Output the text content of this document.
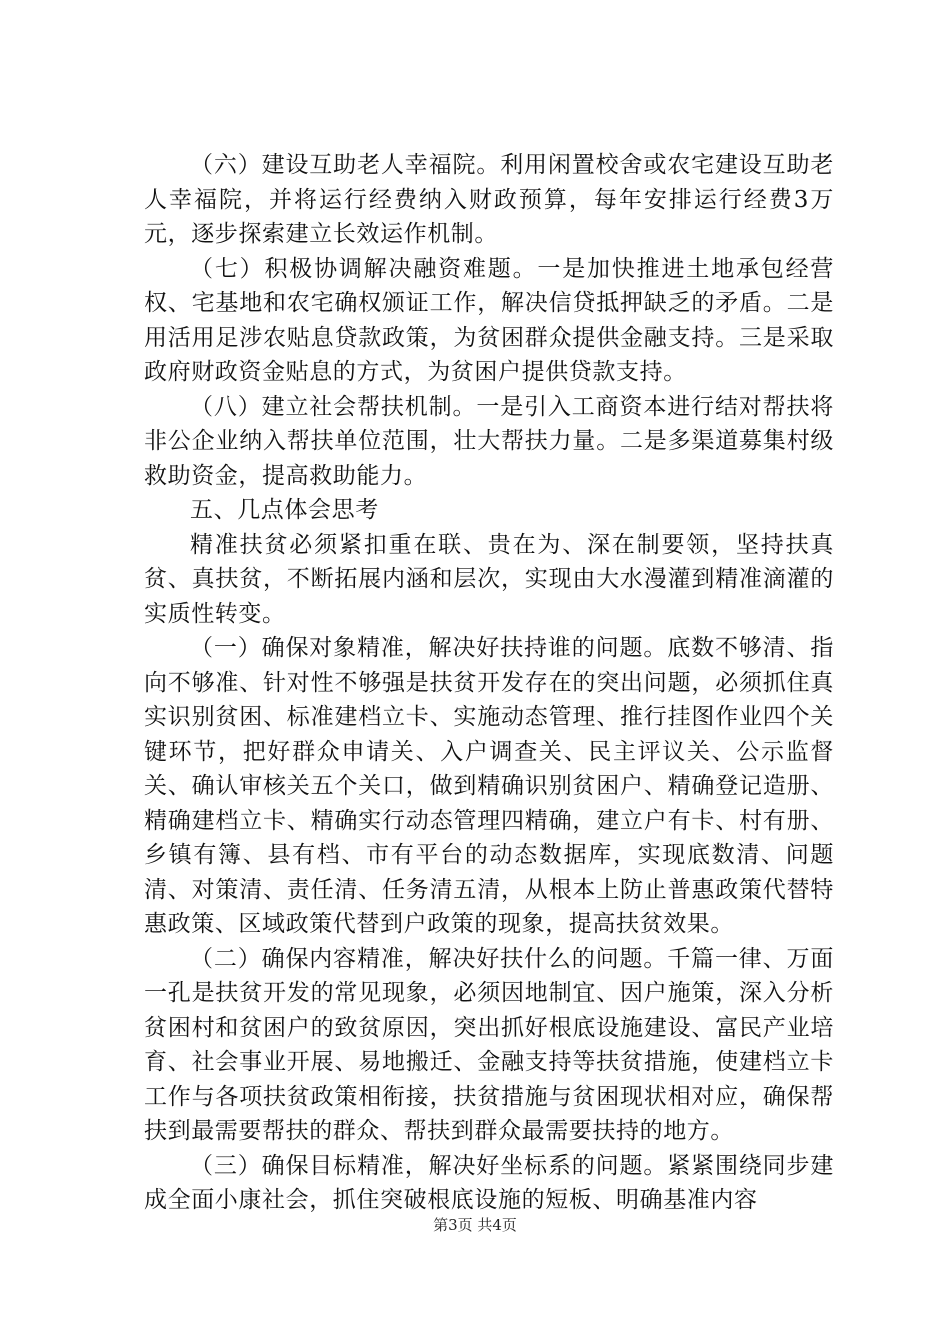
（六）建设互助老人幸福院。利用闲置校舍或农宅建设互助老人幸福院，并将运行经费纳入财政预算，每年安排运行经费3万元，逐步探索建立长效运作机制。

（七）积极协调解决融资难题。一是加快推进土地承包经营权、宅基地和农宅确权颁证工作，解决信贷抵押缺乏的矛盾。二是用活用足涉农贴息贷款政策，为贫困群众提供金融支持。三是采取政府财政资金贴息的方式，为贫困户提供贷款支持。

（八）建立社会帮扶机制。一是引入工商资本进行结对帮扶将非公企业纳入帮扶单位范围，壮大帮扶力量。二是多渠道募集村级救助资金，提高救助能力。

五、几点体会思考

精准扶贫必须紧扣重在联、贵在为、深在制要领，坚持扶真贫、真扶贫，不断拓展内涵和层次，实现由大水漫灌到精准滴灌的实质性转变。

（一）确保对象精准，解决好扶持谁的问题。底数不够清、指向不够准、针对性不够强是扶贫开发存在的突出问题，必须抓住真实识别贫困、标准建档立卡、实施动态管理、推行挂图作业四个关键环节，把好群众申请关、入户调查关、民主评议关、公示监督关、确认审核关五个关口，做到精确识别贫困户、精确登记造册、精确建档立卡、精确实行动态管理四精确，建立户有卡、村有册、乡镇有簿、县有档、市有平台的动态数据库，实现底数清、问题清、对策清、责任清、任务清五清，从根本上防止普惠政策代替特惠政策、区域政策代替到户政策的现象，提高扶贫效果。

（二）确保内容精准，解决好扶什么的问题。千篇一律、万面一孔是扶贫开发的常见现象，必须因地制宜、因户施策，深入分析贫困村和贫困户的致贫原因，突出抓好根底设施建设、富民产业培育、社会事业开展、易地搬迁、金融支持等扶贫措施，使建档立卡工作与各项扶贫政策相衔接，扶贫措施与贫困现状相对应，确保帮扶到最需要帮扶的群众、帮扶到群众最需要扶持的地方。

（三）确保目标精准，解决好坐标系的问题。紧紧围绕同步建成全面小康社会，抓住突破根底设施的短板、明确基准内容

第3页 共4页
